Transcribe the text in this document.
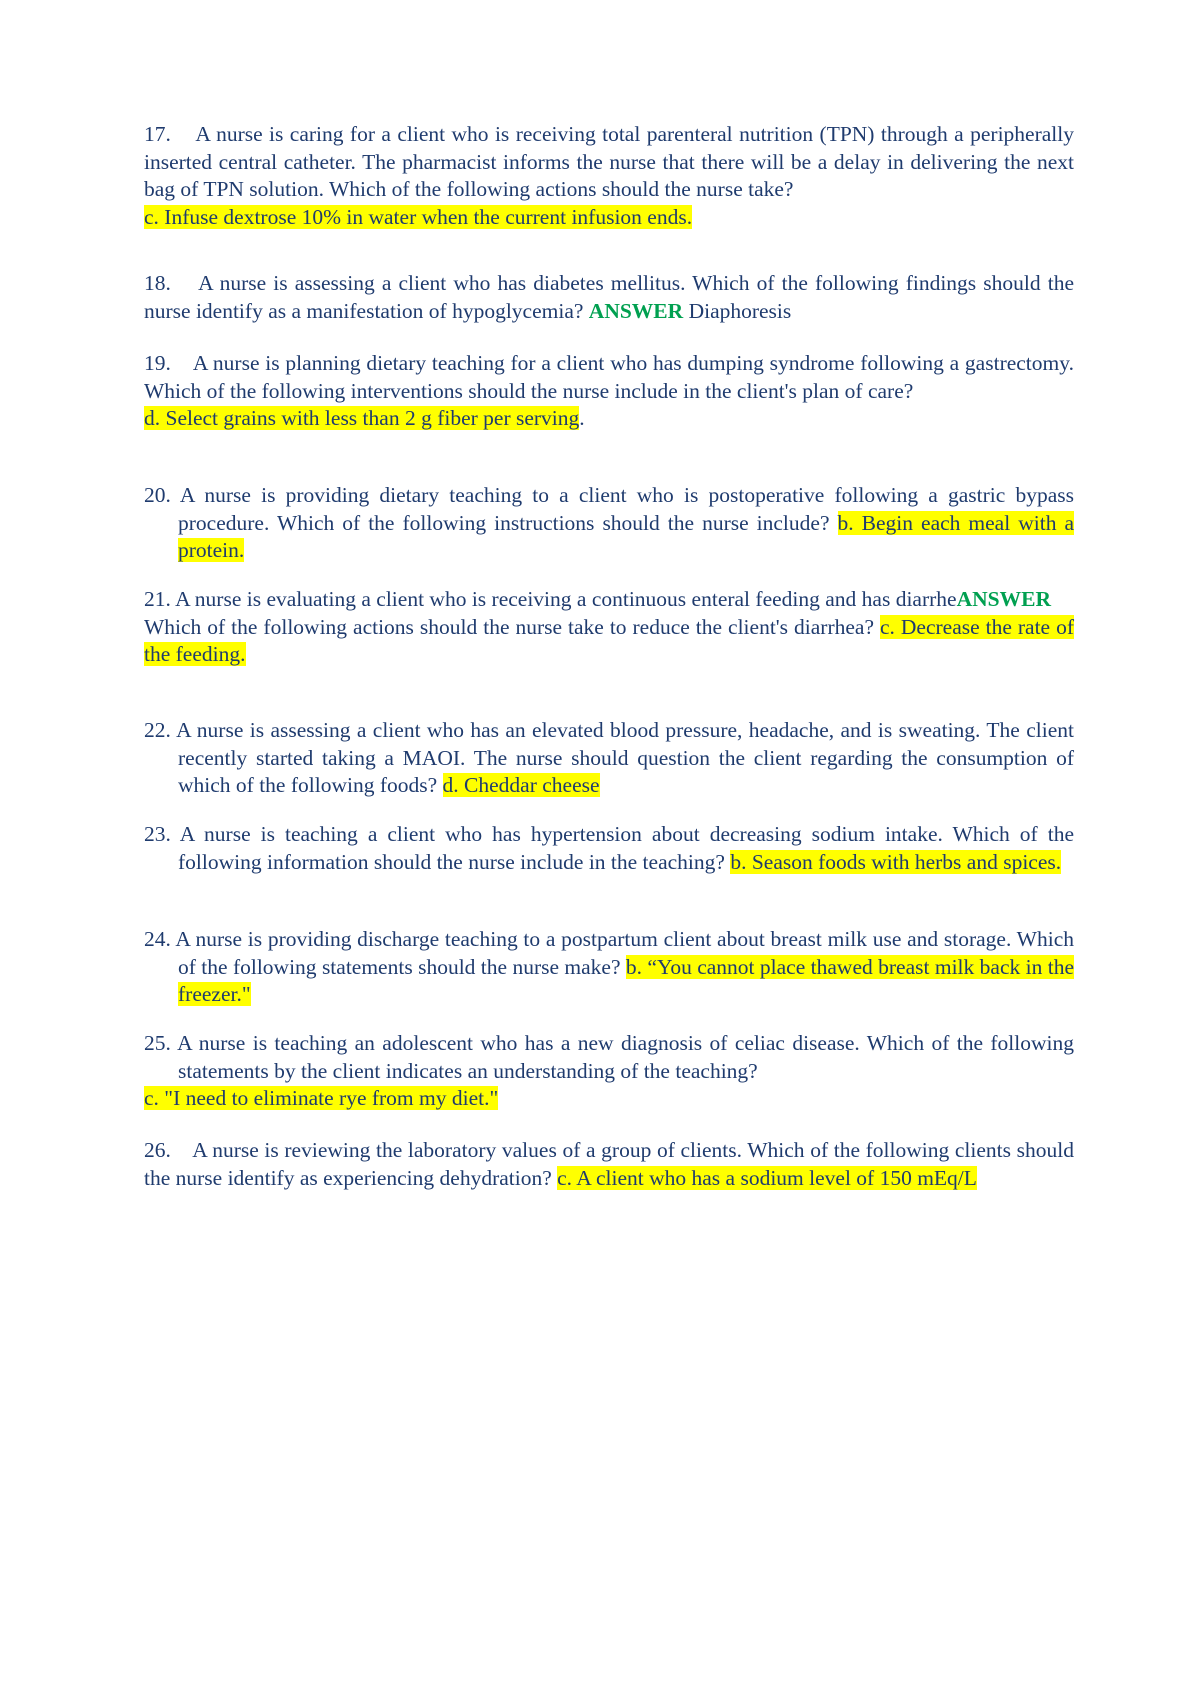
17. A nurse is caring for a client who is receiving total parenteral nutrition (TPN) through a peripherally inserted central catheter. The pharmacist informs the nurse that there will be a delay in delivering the next bag of TPN solution. Which of the following actions should the nurse take?
c. Infuse dextrose 10% in water when the current infusion ends.

18. A nurse is assessing a client who has diabetes mellitus. Which of the following findings should the nurse identify as a manifestation of hypoglycemia? ANSWER Diaphoresis

19. A nurse is planning dietary teaching for a client who has dumping syndrome following a gastrectomy. Which of the following interventions should the nurse include in the client's plan of care?
d. Select grains with less than 2 g fiber per serving.

20. A nurse is providing dietary teaching to a client who is postoperative following a gastric bypass procedure. Which of the following instructions should the nurse include? b. Begin each meal with a protein.

21. A nurse is evaluating a client who is receiving a continuous enteral feeding and has diarrheANSWER
Which of the following actions should the nurse take to reduce the client's diarrhea? c. Decrease the rate of the feeding.

22. A nurse is assessing a client who has an elevated blood pressure, headache, and is sweating. The client recently started taking a MAOI. The nurse should question the client regarding the consumption of which of the following foods? d. Cheddar cheese

23. A nurse is teaching a client who has hypertension about decreasing sodium intake. Which of the following information should the nurse include in the teaching? b. Season foods with herbs and spices.

24. A nurse is providing discharge teaching to a postpartum client about breast milk use and storage. Which of the following statements should the nurse make? b. “You cannot place thawed breast milk back in the freezer."

25. A nurse is teaching an adolescent who has a new diagnosis of celiac disease. Which of the following statements by the client indicates an understanding of the teaching?
c. "I need to eliminate rye from my diet."

26. A nurse is reviewing the laboratory values of a group of clients. Which of the following clients should the nurse identify as experiencing dehydration? c. A client who has a sodium level of 150 mEq/L
